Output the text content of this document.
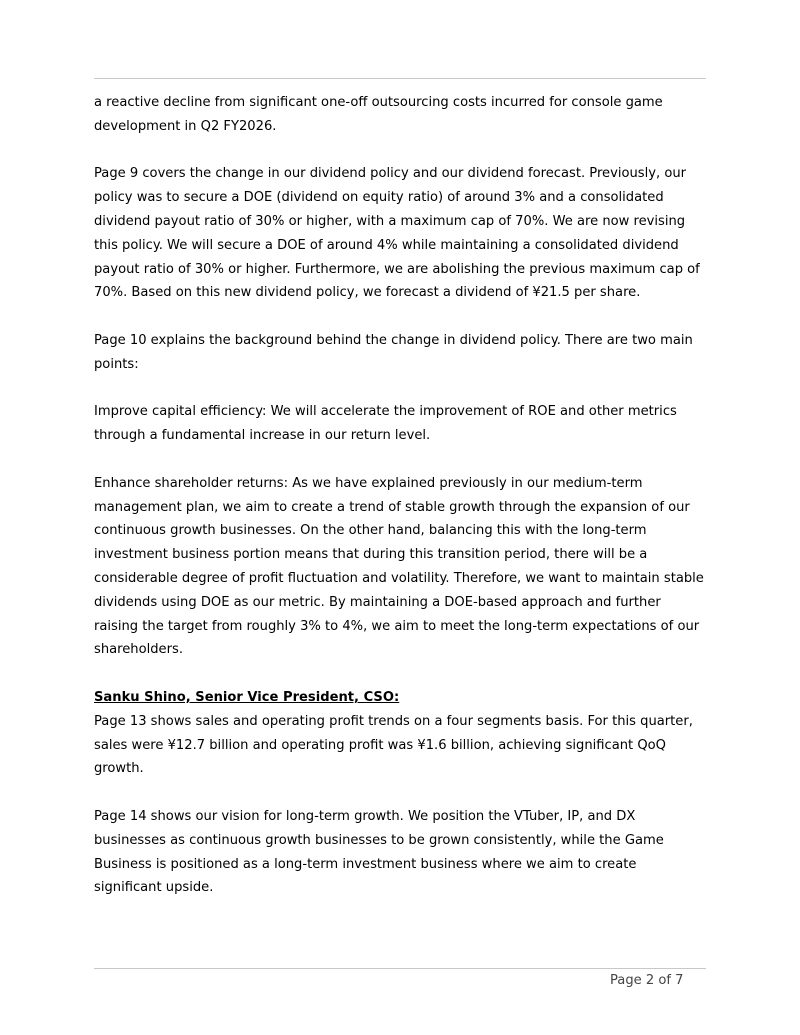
a reactive decline from significant one-off outsourcing costs incurred for console game development in Q2 FY2026.

Page 9 covers the change in our dividend policy and our dividend forecast. Previously, our policy was to secure a DOE (dividend on equity ratio) of around 3% and a consolidated dividend payout ratio of 30% or higher, with a maximum cap of 70%. We are now revising this policy. We will secure a DOE of around 4% while maintaining a consolidated dividend payout ratio of 30% or higher. Furthermore, we are abolishing the previous maximum cap of 70%. Based on this new dividend policy, we forecast a dividend of ¥21.5 per share.

Page 10 explains the background behind the change in dividend policy. There are two main points:

Improve capital efficiency: We will accelerate the improvement of ROE and other metrics through a fundamental increase in our return level.

Enhance shareholder returns: As we have explained previously in our medium-term management plan, we aim to create a trend of stable growth through the expansion of our continuous growth businesses. On the other hand, balancing this with the long-term investment business portion means that during this transition period, there will be a considerable degree of profit fluctuation and volatility. Therefore, we want to maintain stable dividends using DOE as our metric. By maintaining a DOE-based approach and further raising the target from roughly 3% to 4%, we aim to meet the long-term expectations of our shareholders.

Sanku Shino, Senior Vice President, CSO:
Page 13 shows sales and operating profit trends on a four segments basis. For this quarter, sales were ¥12.7 billion and operating profit was ¥1.6 billion, achieving significant QoQ growth.

Page 14 shows our vision for long-term growth. We position the VTuber, IP, and DX businesses as continuous growth businesses to be grown consistently, while the Game Business is positioned as a long-term investment business where we aim to create significant upside.

Page 2 of 7
